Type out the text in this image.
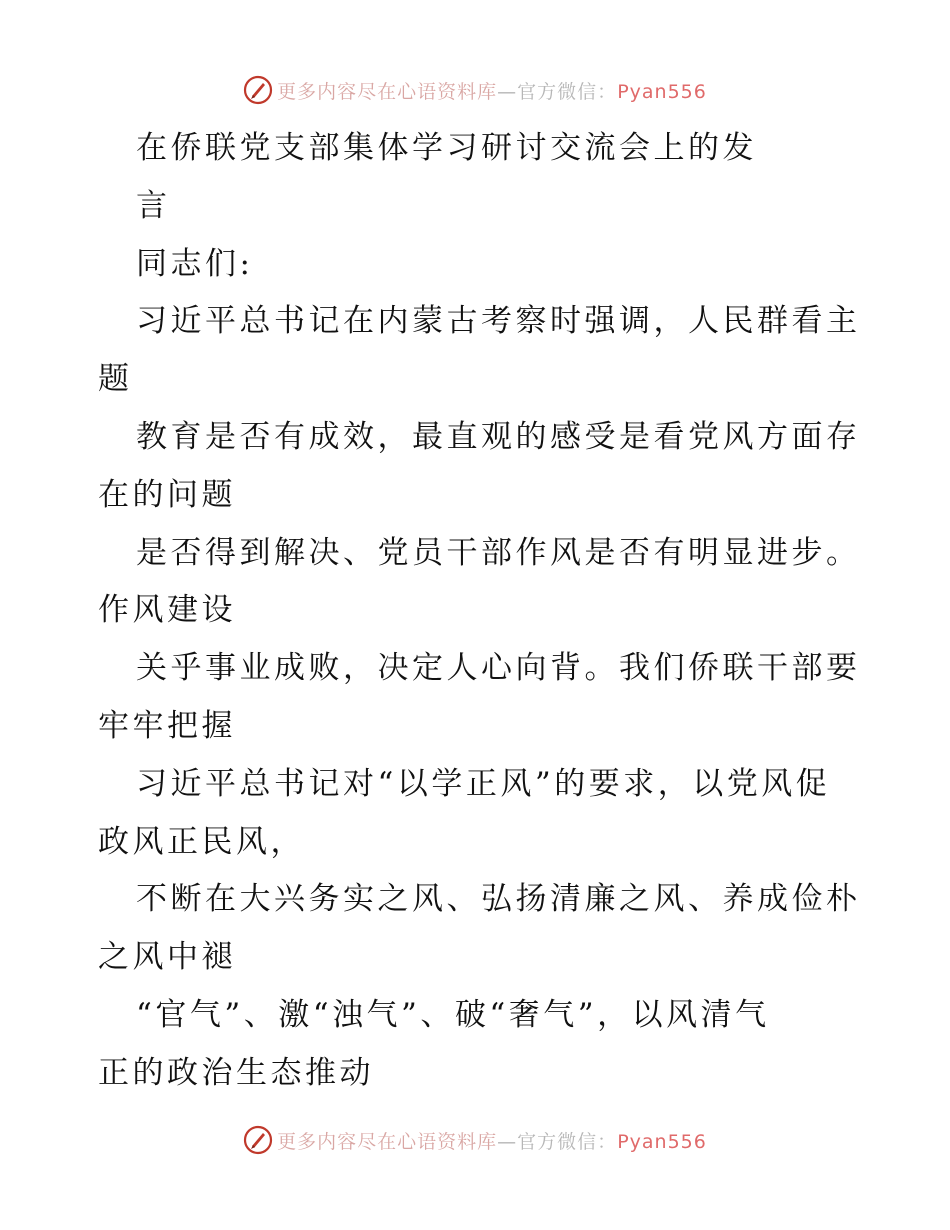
更多内容尽在心语资料库—官方微信：Pyan556
在侨联党支部集体学习研讨交流会上的发
言
同志们:
习近平总书记在内蒙古考察时强调，人民群看主
题
教育是否有成效，最直观的感受是看党风方面存
在的问题
是否得到解决、党员干部作风是否有明显进步。
作风建设
关乎事业成败，决定人心向背。我们侨联干部要
牢牢把握
习近平总书记对“以学正风”的要求，以党风促
政风正民风，
不断在大兴务实之风、弘扬清廉之风、养成俭朴
之风中褪
“官气”、激“浊气”、破“奢气”，以风清气
正的政治生态推动
更多内容尽在心语资料库—官方微信：Pyan556
